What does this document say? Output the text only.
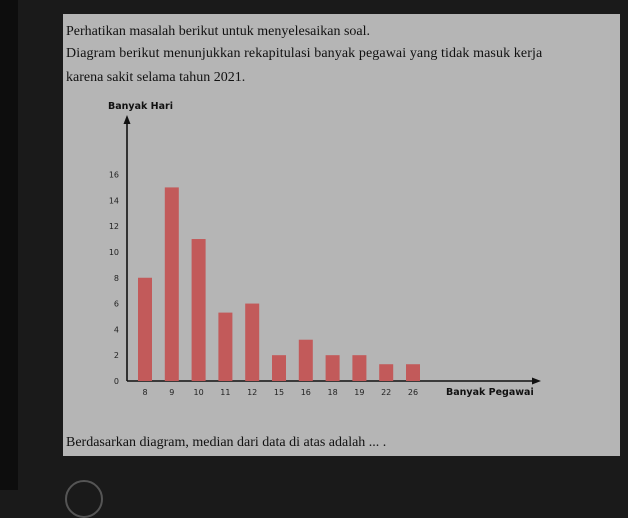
Perhatikan masalah berikut untuk menyelesaikan soal.
Diagram berikut menunjukkan rekapitulasi banyak pegawai yang tidak masuk kerja
karena sakit selama tahun 2021.
Banyak Hari
0
2
4
6
8
10
12
14
16
8	9 10 11 12 15 16 18 19 22 26	Banyak Pegawai
Berdasarkan diagram, median dari data di atas adalah ... .
